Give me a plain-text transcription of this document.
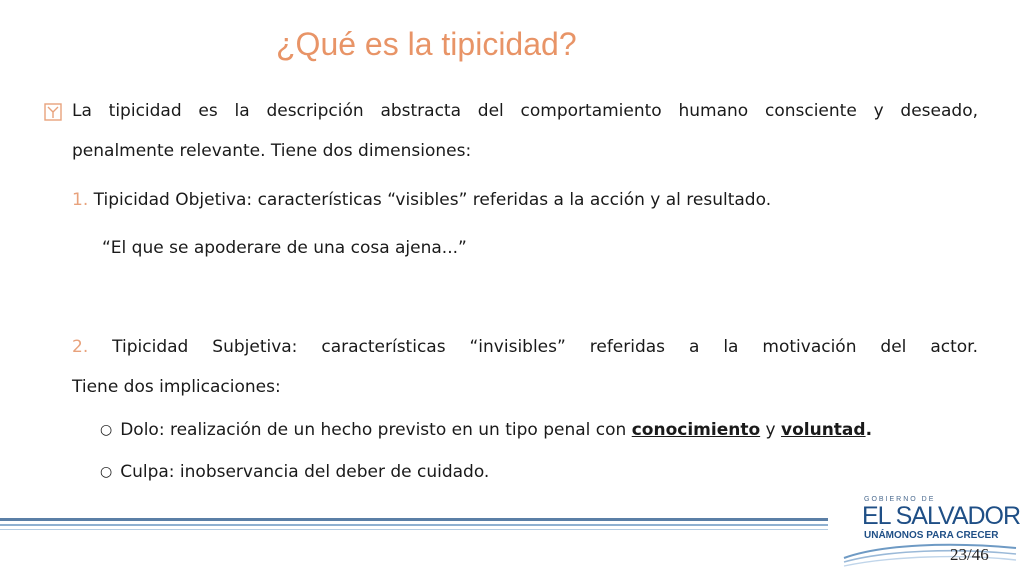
¿Qué es la tipicidad?
La tipicidad es la descripción abstracta del comportamiento humano consciente y deseado,
penalmente relevante. Tiene dos dimensiones:
1. Tipicidad Objetiva: características “visibles” referidas a la acción y al resultado.
“El que se apoderare de una cosa ajena...”
2. Tipicidad Subjetiva: características “invisibles” referidas a la motivación del actor.
Tiene dos implicaciones:
○ Dolo: realización de un hecho previsto en un tipo penal con conocimiento y voluntad.
○ Culpa: inobservancia del deber de cuidado.
GOBIERNO DE
EL SALVADOR
UNÁMONOS PARA CRECER
23/46
